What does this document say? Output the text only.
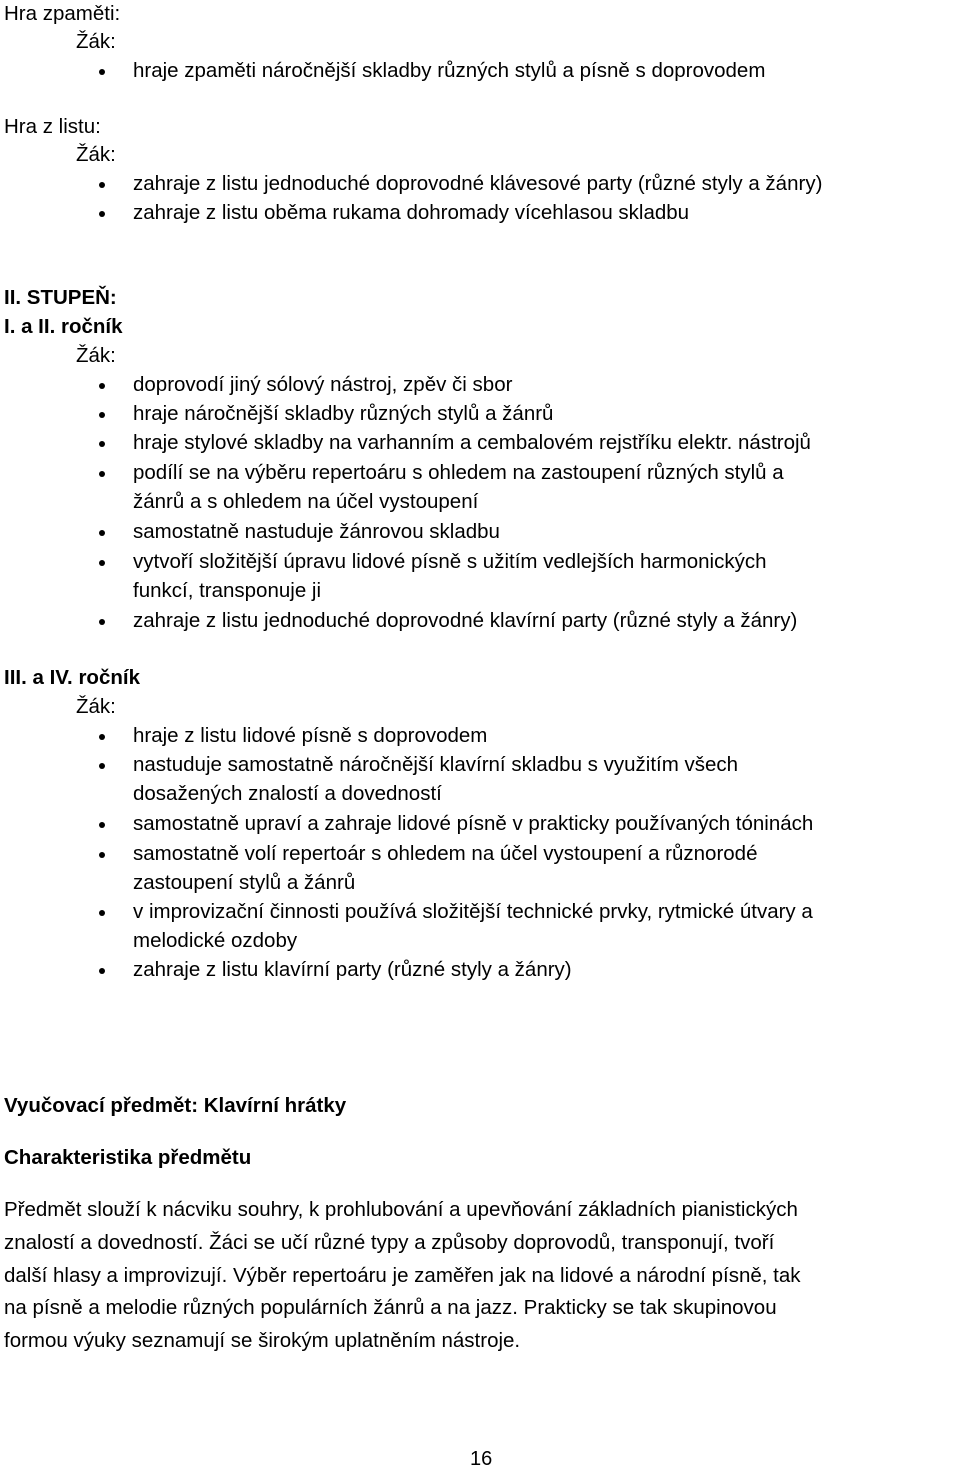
Hra zpaměti:
Žák:
hraje zpaměti náročnější skladby různých stylů a písně s doprovodem
Hra z listu:
Žák:
zahraje z listu jednoduché doprovodné klávesové party (různé styly a žánry)
zahraje z listu oběma rukama dohromady vícehlasou skladbu
II. STUPEŇ:
I. a II. ročník
Žák:
doprovodí jiný sólový nástroj, zpěv či sbor
hraje náročnější skladby různých stylů a žánrů
hraje stylové skladby na varhanním a cembalovém rejstříku elektr. nástrojů
podílí se na výběru repertoáru s ohledem na zastoupení různých stylů a
žánrů a s ohledem na účel vystoupení
samostatně nastuduje žánrovou skladbu
vytvoří složitější úpravu lidové písně s užitím vedlejších harmonických
funkcí, transponuje ji
zahraje z listu jednoduché doprovodné klavírní party (různé styly a žánry)
III. a IV. ročník
Žák:
hraje z listu lidové písně s doprovodem
nastuduje samostatně náročnější klavírní skladbu s využitím všech
dosažených znalostí a dovedností
samostatně upraví a zahraje lidové písně v prakticky používaných tóninách
samostatně volí repertoár s ohledem na účel vystoupení a různorodé
zastoupení stylů a žánrů
v improvizační činnosti používá složitější technické prvky, rytmické útvary a
melodické ozdoby
zahraje z listu klavírní party (různé styly a žánry)
Vyučovací předmět: Klavírní hrátky
Charakteristika předmětu
Předmět slouží k nácviku souhry, k prohlubování a upevňování základních pianistických
znalostí a dovedností. Žáci se učí různé typy a způsoby doprovodů, transponují, tvoří
další hlasy a improvizují. Výběr repertoáru je zaměřen jak na lidové a národní písně, tak
na písně a melodie různých populárních žánrů a na jazz. Prakticky se tak skupinovou
formou výuky seznamují se širokým uplatněním nástroje.
16
